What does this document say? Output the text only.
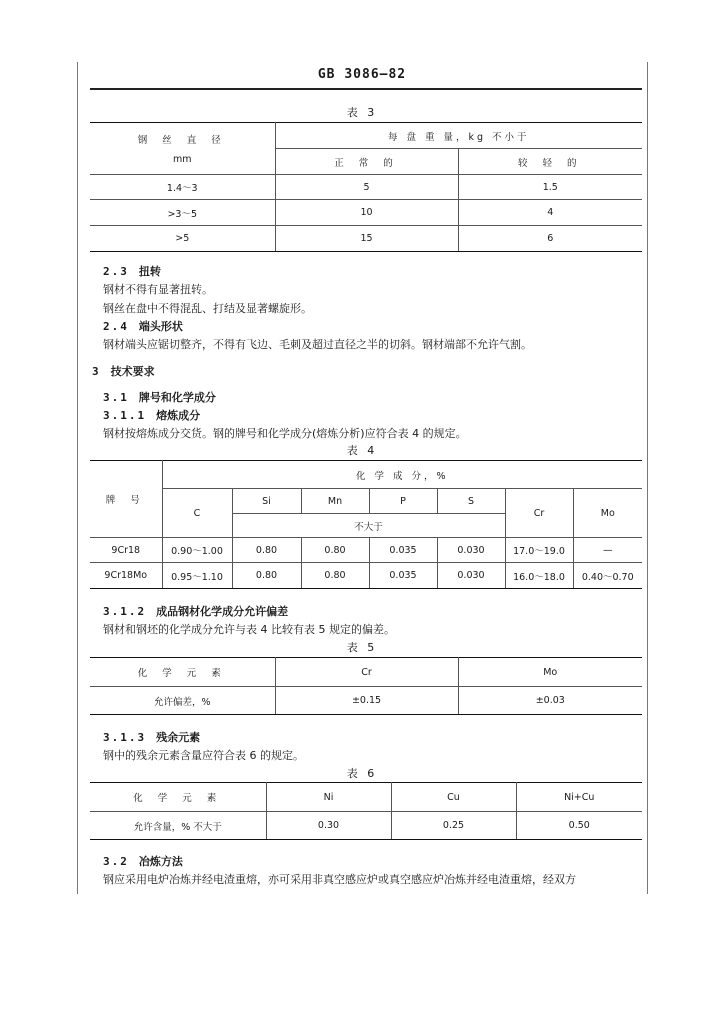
GB 3086—82
表 3
钢 丝 直 径
mm	每 盘 重 量，kg 不小于	
	正 常 的	较 轻 的
1.4～3	5	1.5
>3～5	10	4
>5	15	6
2.3 扭转
钢材不得有显著扭转。
钢丝在盘中不得混乱、打结及显著螺旋形。
2.4 端头形状
钢材端头应锯切整齐，不得有飞边、毛刺及超过直径之半的切斜。钢材端部不允许气割。
3 技术要求
3.1 牌号和化学成分
3.1.1 熔炼成分
钢材按熔炼成分交货。钢的牌号和化学成分(熔炼分析)应符合表 4 的规定。
表 4
牌 号	化 学 成 分，%						
	C	Si	Mn	P	S	Cr	Mo
		不大于					
9Cr18	0.90～1.00	0.80	0.80	0.035	0.030	17.0～19.0	—
9Cr18Mo	0.95～1.10	0.80	0.80	0.035	0.030	16.0～18.0	0.40～0.70
3.1.2 成品钢材化学成分允许偏差
钢材和钢坯的化学成分允许与表 4 比较有表 5 规定的偏差。
表 5
化 学 元 素	Cr	Mo
允许偏差，%	±0.15	±0.03
3.1.3 残余元素
钢中的残余元素含量应符合表 6 的规定。
表 6
化 学 元 素	Ni	Cu	Ni+Cu
允许含量，% 不大于	0.30	0.25	0.50
3.2 冶炼方法
钢应采用电炉冶炼并经电渣重熔，亦可采用非真空感应炉或真空感应炉冶炼并经电渣重熔，经双方
